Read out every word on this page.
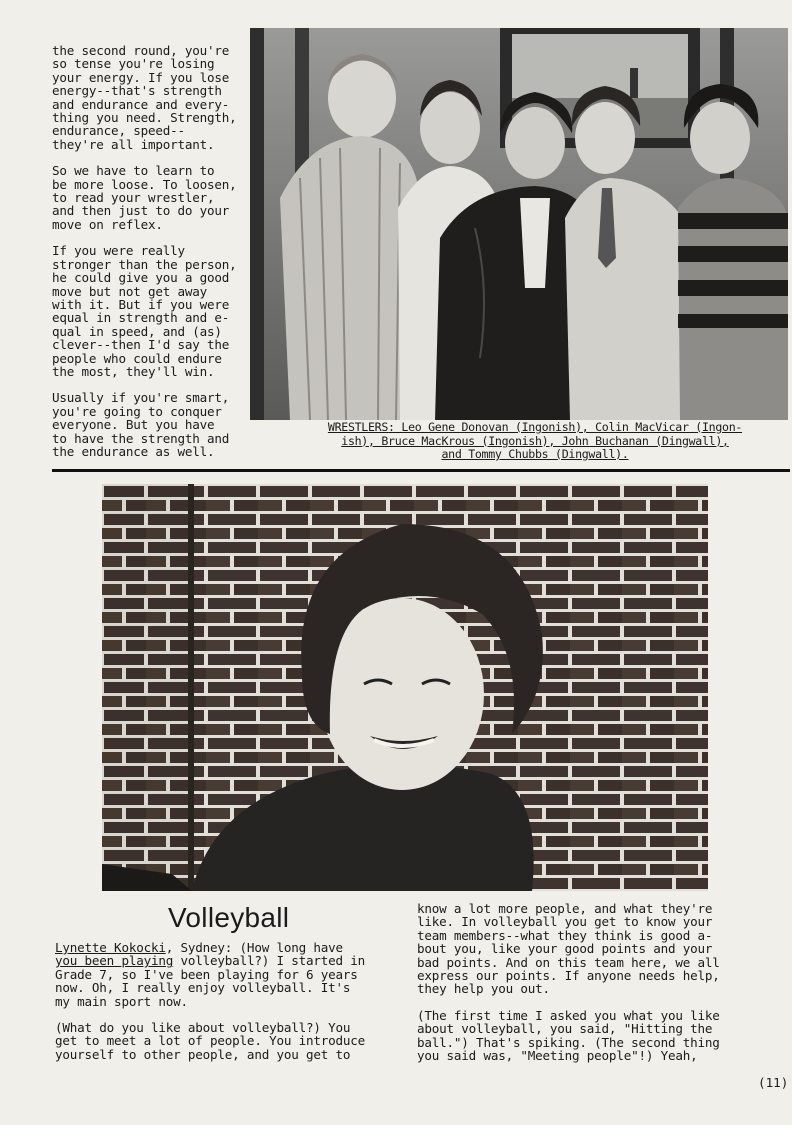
the second round, you're
so tense you're losing
your energy. If you lose
energy--that's strength
and endurance and every-
thing you need. Strength,
endurance, speed--
they're all important.

So we have to learn to
be more loose. To loosen,
to read your wrestler,
and then just to do your
move on reflex.

If you were really
stronger than the person,
he could give you a good
move but not get away
with it. But if you were
equal in strength and e-
qual in speed, and (as)
clever--then I'd say the
people who could endure
the most, they'll win.

Usually if you're smart,
you're going to conquer
everyone. But you have
to have the strength and
the endurance as well.

WRESTLERS: Leo Gene Donovan (Ingonish), Colin MacVicar (Ingon-
ish), Bruce MacKrous (Ingonish), John Buchanan (Dingwall),
and Tommy Chubbs (Dingwall).
Volleyball

Lynette Kokocki, Sydney: (How long have
you been playing volleyball?) I started in
Grade 7, so I've been playing for 6 years
now. Oh, I really enjoy volleyball. It's
my main sport now.

(What do you like about volleyball?) You
get to meet a lot of people. You introduce
yourself to other people, and you get to

know a lot more people, and what they're
like. In volleyball you get to know your
team members--what they think is good a-
bout you, like your good points and your
bad points. And on this team here, we all
express our points. If anyone needs help,
they help you out.

(The first time I asked you what you like
about volleyball, you said, "Hitting the
ball.") That's spiking. (The second thing
you said was, "Meeting people"!) Yeah,

(11)
